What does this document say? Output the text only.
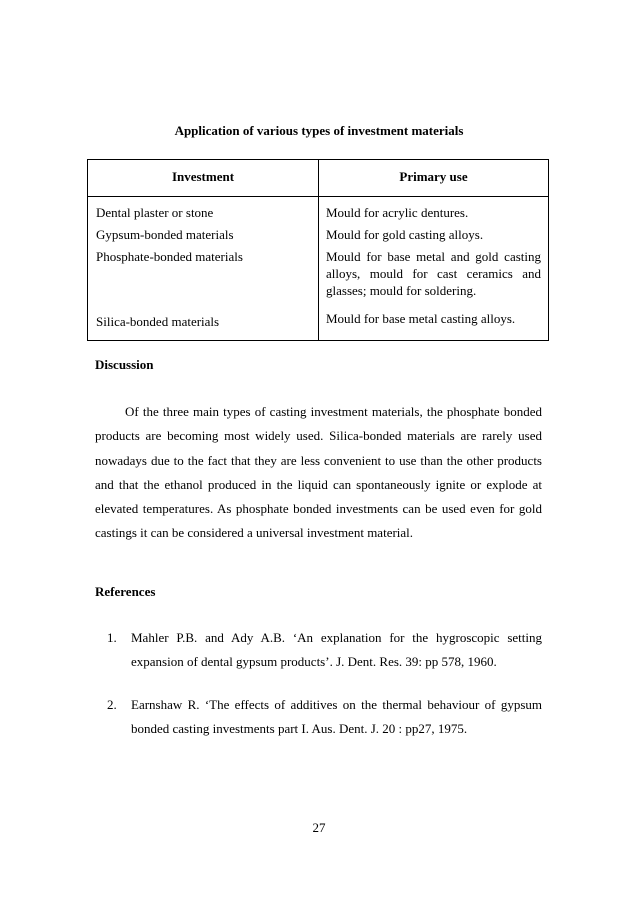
Application of various types of investment materials
Investment	Primary use
Dental plaster or stone	Mould for acrylic dentures.
Gypsum-bonded materials	Mould for gold casting alloys.
Phosphate-bonded materials	Mould for base metal and gold casting alloys, mould for cast ceramics and glasses; mould for soldering.
Silica-bonded materials	Mould for base metal casting alloys.
Discussion
Of the three main types of casting investment materials, the phosphate bonded products are becoming most widely used. Silica-bonded materials are rarely used nowadays due to the fact that they are less convenient to use than the other products and that the ethanol produced in the liquid can spontaneously ignite or explode at elevated temperatures. As phosphate bonded investments can be used even for gold castings it can be considered a universal investment material.
References
1. Mahler P.B. and Ady A.B. ‘An explanation for the hygroscopic setting expansion of dental gypsum products’. J. Dent. Res. 39: pp 578, 1960.
2. Earnshaw R. ‘The effects of additives on the thermal behaviour of gypsum bonded casting investments part I. Aus. Dent. J. 20 : pp27, 1975.
27
